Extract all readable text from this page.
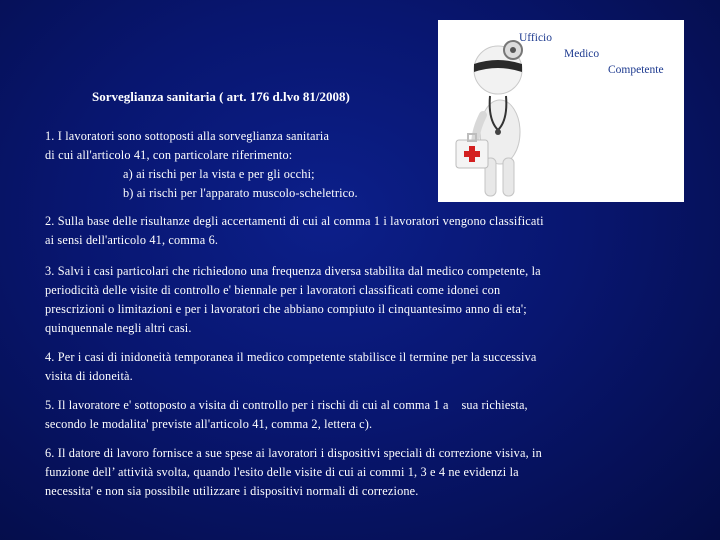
Ufficio
Medico
Competente
Sorveglianza sanitaria ( art. 176 d.lvo 81/2008)
1. I lavoratori sono sottoposti alla sorveglianza sanitaria
di cui all'articolo 41, con particolare riferimento:
a) ai rischi per la vista e per gli occhi;
b) ai rischi per l'apparato muscolo-scheletrico.
2. Sulla base delle risultanze degli accertamenti di cui al comma 1 i lavoratori vengono classificati
ai sensi dell'articolo 41, comma 6.
3. Salvi i casi particolari che richiedono una frequenza diversa stabilita dal medico competente, la
periodicità delle visite di controllo e' biennale per i lavoratori classificati come idonei con
prescrizioni o limitazioni e per i lavoratori che abbiano compiuto il cinquantesimo anno di eta';
quinquennale negli altri casi.
4. Per i casi di inidoneità temporanea il medico competente stabilisce il termine per la successiva
visita di idoneità.
5. Il lavoratore e' sottoposto a visita di controllo per i rischi di cui al comma 1 a    sua richiesta,
secondo le modalita' previste all'articolo 41, comma 2, lettera c).
6. Il datore di lavoro fornisce a sue spese ai lavoratori i dispositivi speciali di correzione visiva, in
funzione dell’ attività svolta, quando l'esito delle visite di cui ai commi 1, 3 e 4 ne evidenzi la
necessita' e non sia possibile utilizzare i dispositivi normali di correzione.
